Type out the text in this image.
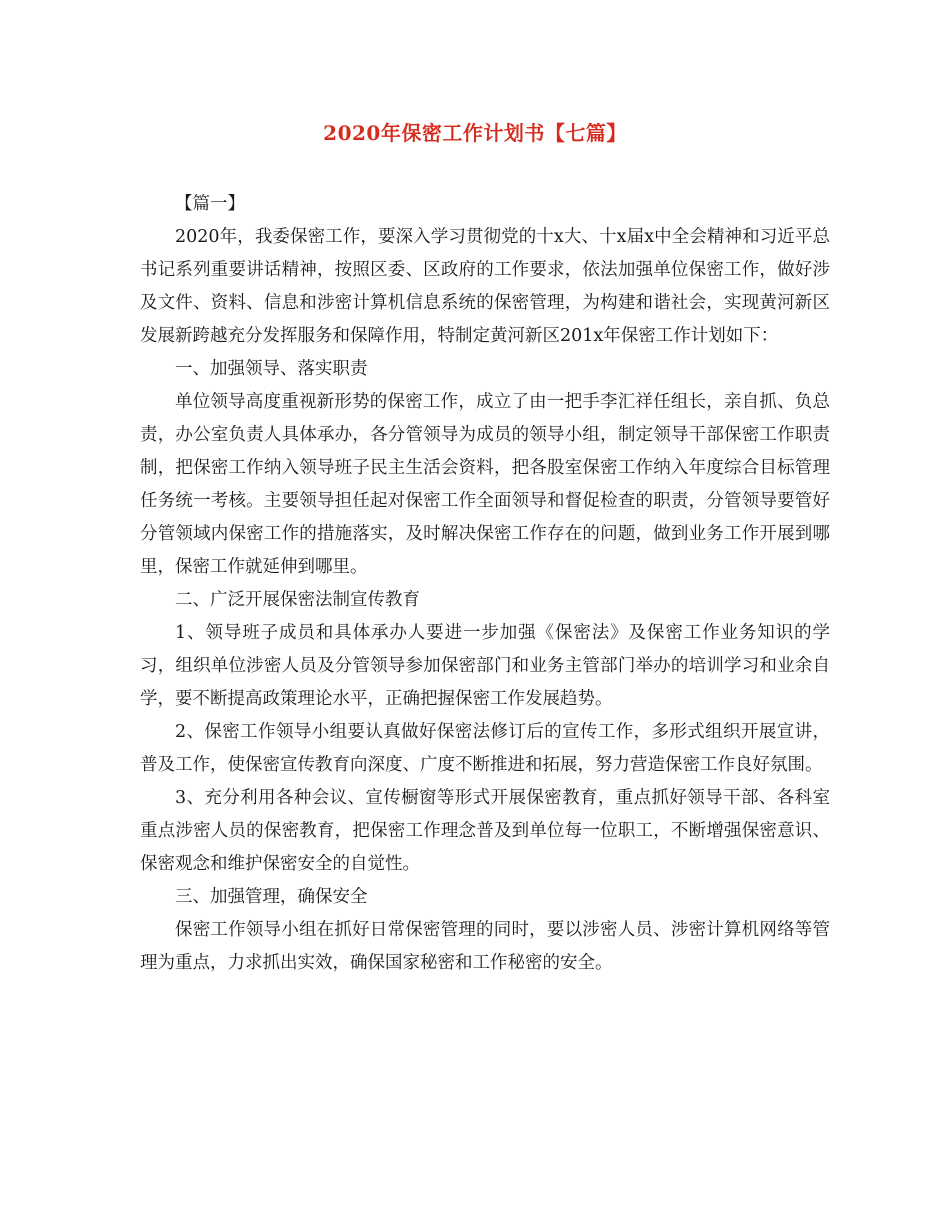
2020年保密工作计划书【七篇】

【篇一】

2020年，我委保密工作，要深入学习贯彻党的十x大、十x届x中全会精神和习近平总书记系列重要讲话精神，按照区委、区政府的工作要求，依法加强单位保密工作，做好涉及文件、资料、信息和涉密计算机信息系统的保密管理，为构建和谐社会，实现黄河新区发展新跨越充分发挥服务和保障作用，特制定黄河新区201x年保密工作计划如下：

一、加强领导、落实职责

单位领导高度重视新形势的保密工作，成立了由一把手李汇祥任组长，亲自抓、负总责，办公室负责人具体承办，各分管领导为成员的领导小组，制定领导干部保密工作职责制，把保密工作纳入领导班子民主生活会资料，把各股室保密工作纳入年度综合目标管理任务统一考核。主要领导担任起对保密工作全面领导和督促检查的职责，分管领导要管好分管领域内保密工作的措施落实，及时解决保密工作存在的问题，做到业务工作开展到哪里，保密工作就延伸到哪里。

二、广泛开展保密法制宣传教育

1、领导班子成员和具体承办人要进一步加强《保密法》及保密工作业务知识的学习，组织单位涉密人员及分管领导参加保密部门和业务主管部门举办的培训学习和业余自学，要不断提高政策理论水平，正确把握保密工作发展趋势。

2、保密工作领导小组要认真做好保密法修订后的宣传工作，多形式组织开展宣讲，普及工作，使保密宣传教育向深度、广度不断推进和拓展，努力营造保密工作良好氛围。

3、充分利用各种会议、宣传橱窗等形式开展保密教育，重点抓好领导干部、各科室重点涉密人员的保密教育，把保密工作理念普及到单位每一位职工，不断增强保密意识、保密观念和维护保密安全的自觉性。

三、加强管理，确保安全

保密工作领导小组在抓好日常保密管理的同时，要以涉密人员、涉密计算机网络等管理为重点，力求抓出实效，确保国家秘密和工作秘密的安全。
